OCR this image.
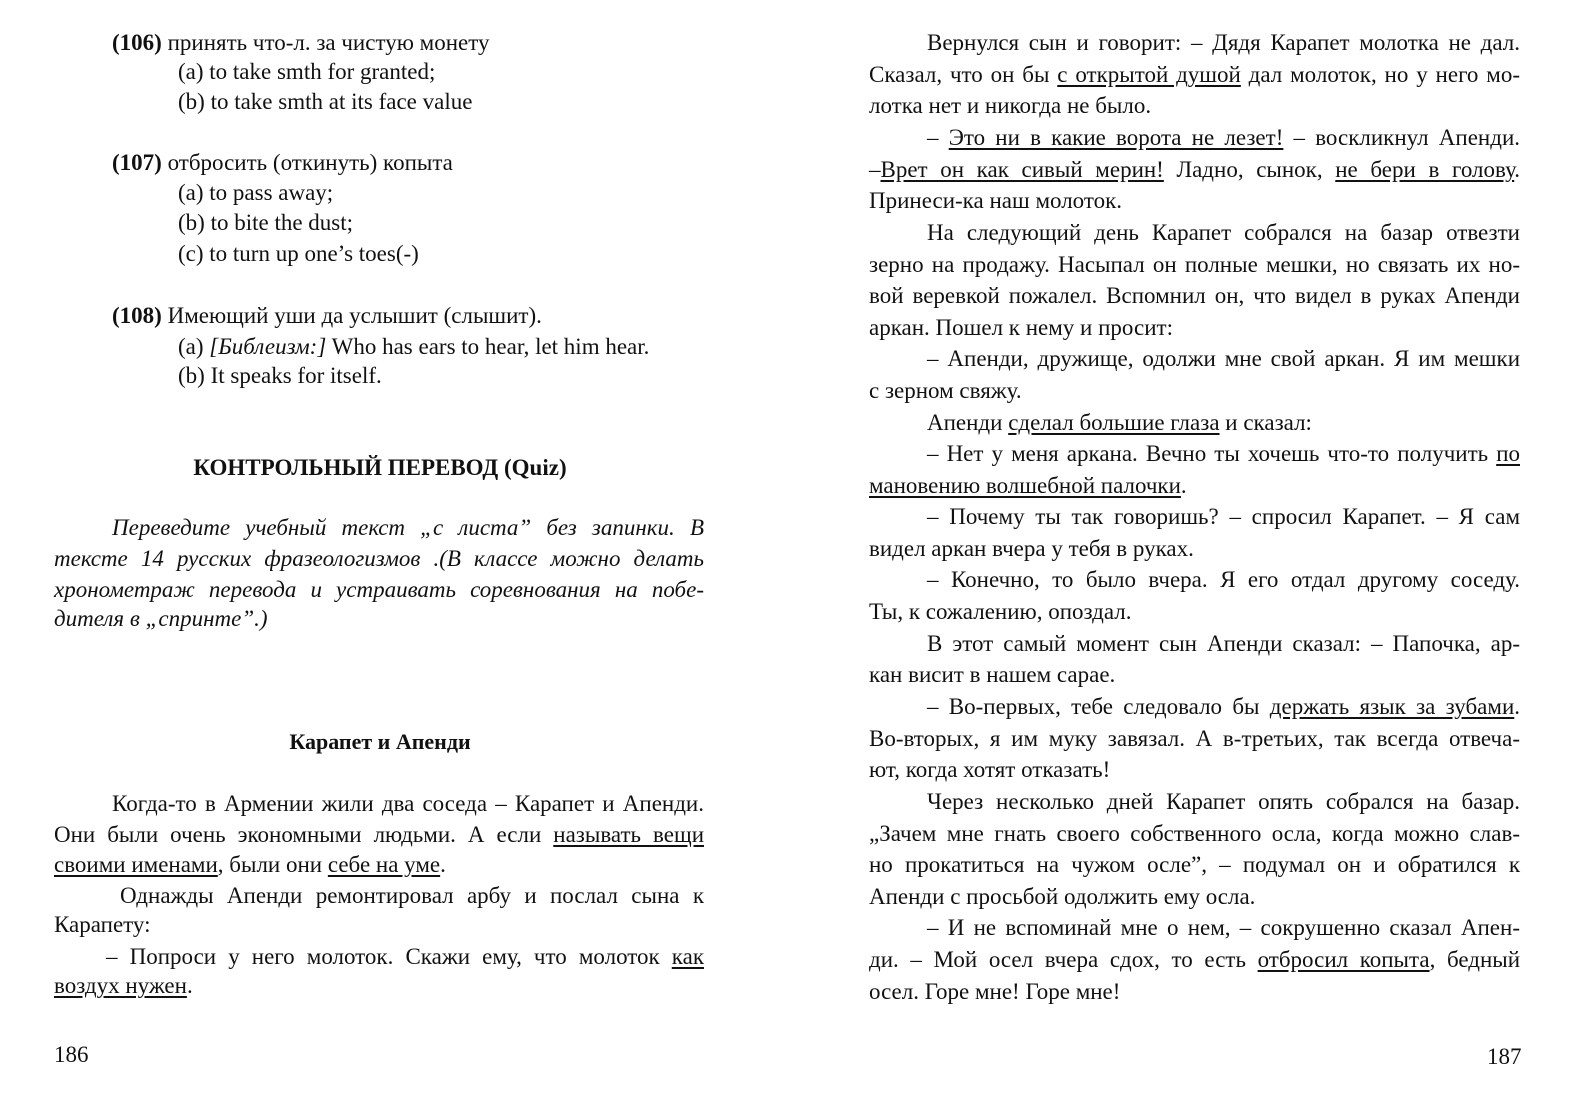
(106) принять что-л. за чистую монету
(a) to take smth for granted;
(b) to take smth at its face value
(107) отбросить (откинуть) копыта
(a) to pass away;
(b) to bite the dust;
(c) to turn up one’s toes(-)
(108) Имеющий уши да услышит (слышит).
(a) [Библеизм:] Who has ears to hear, let him hear.
(b) It speaks for itself.
КОНТРОЛЬНЫЙ ПЕРЕВОД (Quiz)
Переведите учебный текст „с листа” без запинки. В
тексте 14 русских фразеологизмов .(В классе можно делать
хронометраж перевода и устраивать соревнования на побе-
дителя в „спринте”.)
Карапет и Апенди
Когда-то в Армении жили два соседа – Карапет и Апенди.
Они были очень экономными людьми. А если называть вещи
своими именами, были они себе на уме.
Однажды Апенди ремонтировал арбу и послал сына к
Карапету:
– Попроси у него молоток. Скажи ему, что молоток как
воздух нужен.
186
Вернулся сын и говорит: – Дядя Карапет молотка не дал.
Сказал, что он бы с открытой душой дал молоток, но у него мо-
лотка нет и никогда не было.
– Это ни в какие ворота не лезет! – воскликнул Апенди.
–Врет он как сивый мерин! Ладно, сынок, не бери в голову.
Принеси-ка наш молоток.
На следующий день Карапет собрался на базар отвезти
зерно на продажу. Насыпал он полные мешки, но связать их но-
вой веревкой пожалел. Вспомнил он, что видел в руках Апенди
аркан. Пошел к нему и просит:
– Апенди, дружище, одолжи мне свой аркан. Я им мешки
с зерном свяжу.
Апенди сделал большие глаза и сказал:
– Нет у меня аркана. Вечно ты хочешь что-то получить по
мановению волшебной палочки.
– Почему ты так говоришь? – спросил Карапет. – Я сам
видел аркан вчера у тебя в руках.
– Конечно, то было вчера. Я его отдал другому соседу.
Ты, к сожалению, опоздал.
В этот самый момент сын Апенди сказал: – Папочка, ар-
кан висит в нашем сарае.
– Во-первых, тебе следовало бы держать язык за зубами.
Во-вторых, я им муку завязал. А в-третьих, так всегда отвеча-
ют, когда хотят отказать!
Через несколько дней Карапет опять собрался на базар.
„Зачем мне гнать своего собственного осла, когда можно слав-
но прокатиться на чужом осле”, – подумал он и обратился к
Апенди с просьбой одолжить ему осла.
– И не вспоминай мне о нем, – сокрушенно сказал Апен-
ди. – Мой осел вчера сдох, то есть отбросил копыта, бедный
осел. Горе мне! Горе мне!
187
